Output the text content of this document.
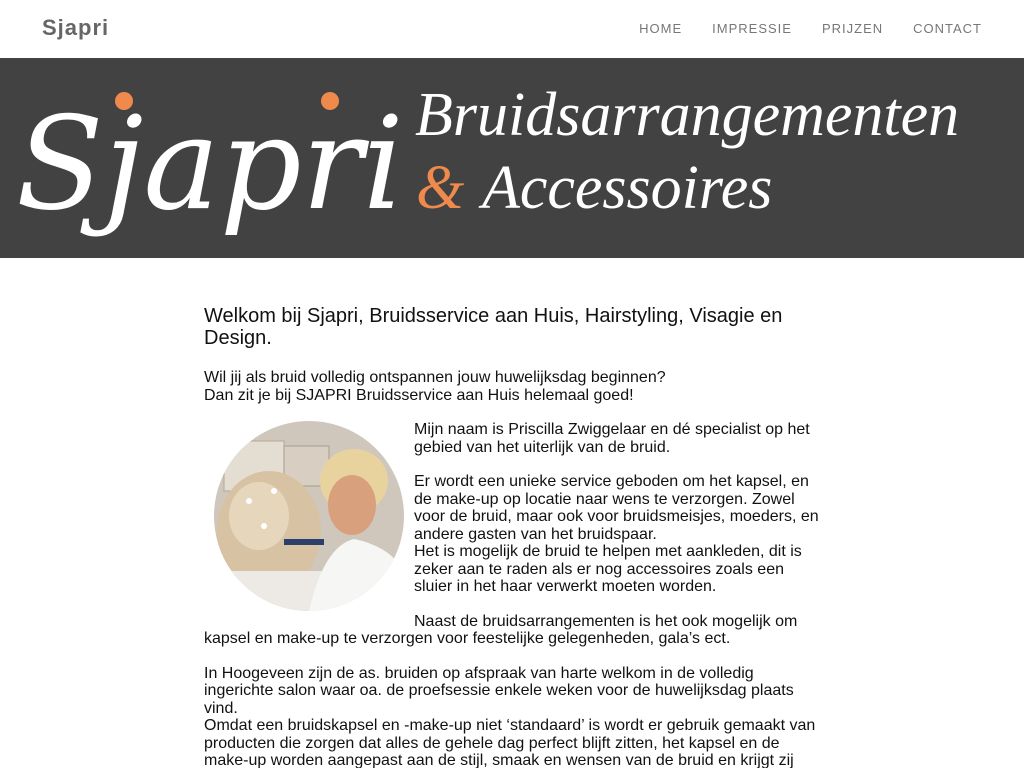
Sjapri	HOME IMPRESSIE PRIJZEN CONTACT
Sjapri Bruidsarrangementen
& Accessoires
Welkom bij Sjapri, Bruidsservice aan Huis, Hairstyling, Visagie en Design.

Wil jij als bruid volledig ontspannen jouw huwelijksdag beginnen?

Dan zit je bij SJAPRI Bruidsservice aan Huis helemaal goed!

Mijn naam is Priscilla Zwiggelaar en dé specialist op het gebied van het uiterlijk van de bruid.

Er wordt een unieke service geboden om het kapsel, en de make-up op locatie naar wens te verzorgen. Zowel voor de bruid, maar ook voor bruidsmeisjes, moeders, en andere gasten van het bruidspaar.

Het is mogelijk de bruid te helpen met aankleden, dit is zeker aan te raden als er nog accessoires zoals een sluier in het haar verwerkt moeten worden.

Naast de bruidsarrangementen is het ook mogelijk om kapsel en make-up te verzorgen voor feestelijke gelegenheden, gala’s ect.

In Hoogeveen zijn de as. bruiden op afspraak van harte welkom in de volledig ingerichte salon waar oa. de proefsessie enkele weken voor de huwelijksdag plaats vind.

Omdat een bruidskapsel en -make-up niet ‘standaard’ is wordt er gebruik gemaakt van producten die zorgen dat alles de gehele dag perfect blijft zitten, het kapsel en de make-up worden aangepast aan de stijl, smaak en wensen van de bruid en krijgt zij
